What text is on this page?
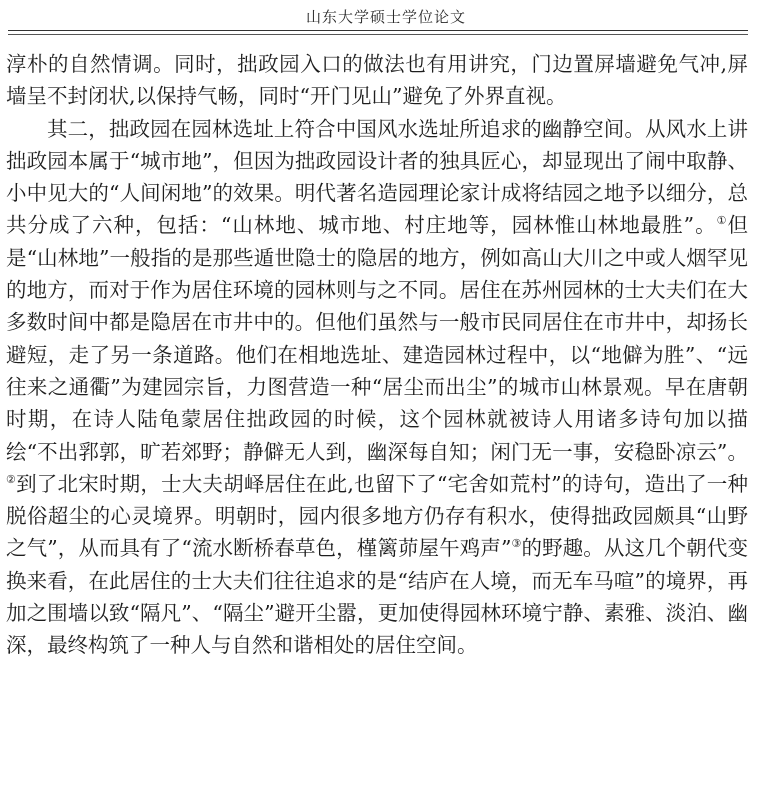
山东大学硕士学位论文

淳朴的自然情调。同时，拙政园入口的做法也有用讲究，门边置屏墙避免气冲,屏墙呈不封闭状,以保持气畅，同时“开门见山”避免了外界直视。

其二，拙政园在园林选址上符合中国风水选址所追求的幽静空间。从风水上讲拙政园本属于“城市地”，但因为拙政园设计者的独具匠心，却显现出了闹中取静、小中见大的“人间闲地”的效果。明代著名造园理论家计成将结园之地予以细分，总共分成了六种，包括：“山林地、城市地、村庄地等，园林惟山林地最胜”。①但是“山林地”一般指的是那些遁世隐士的隐居的地方，例如高山大川之中或人烟罕见的地方，而对于作为居住环境的园林则与之不同。居住在苏州园林的士大夫们在大多数时间中都是隐居在市井中的。但他们虽然与一般市民同居住在市井中，却扬长避短，走了另一条道路。他们在相地选址、建造园林过程中，以“地僻为胜”、“远往来之通衢”为建园宗旨，力图营造一种“居尘而出尘”的城市山林景观。早在唐朝时期，在诗人陆龟蒙居住拙政园的时候，这个园林就被诗人用诸多诗句加以描绘“不出郛郭，旷若郊野；静僻无人到，幽深每自知；闲门无一事，安稳卧凉云”。②到了北宋时期，士大夫胡峄居住在此,也留下了“宅舍如荒村”的诗句，造出了一种脱俗超尘的心灵境界。明朝时，园内很多地方仍存有积水，使得拙政园颇具“山野之气”，从而具有了“流水断桥春草色，槿篱茆屋午鸡声”③的野趣。从这几个朝代变换来看，在此居住的士大夫们往往追求的是“结庐在人境，而无车马喧”的境界，再加之围墙以致“隔凡”、“隔尘”避开尘嚣，更加使得园林环境宁静、素雅、淡泊、幽深，最终构筑了一种人与自然和谐相处的居住空间。
